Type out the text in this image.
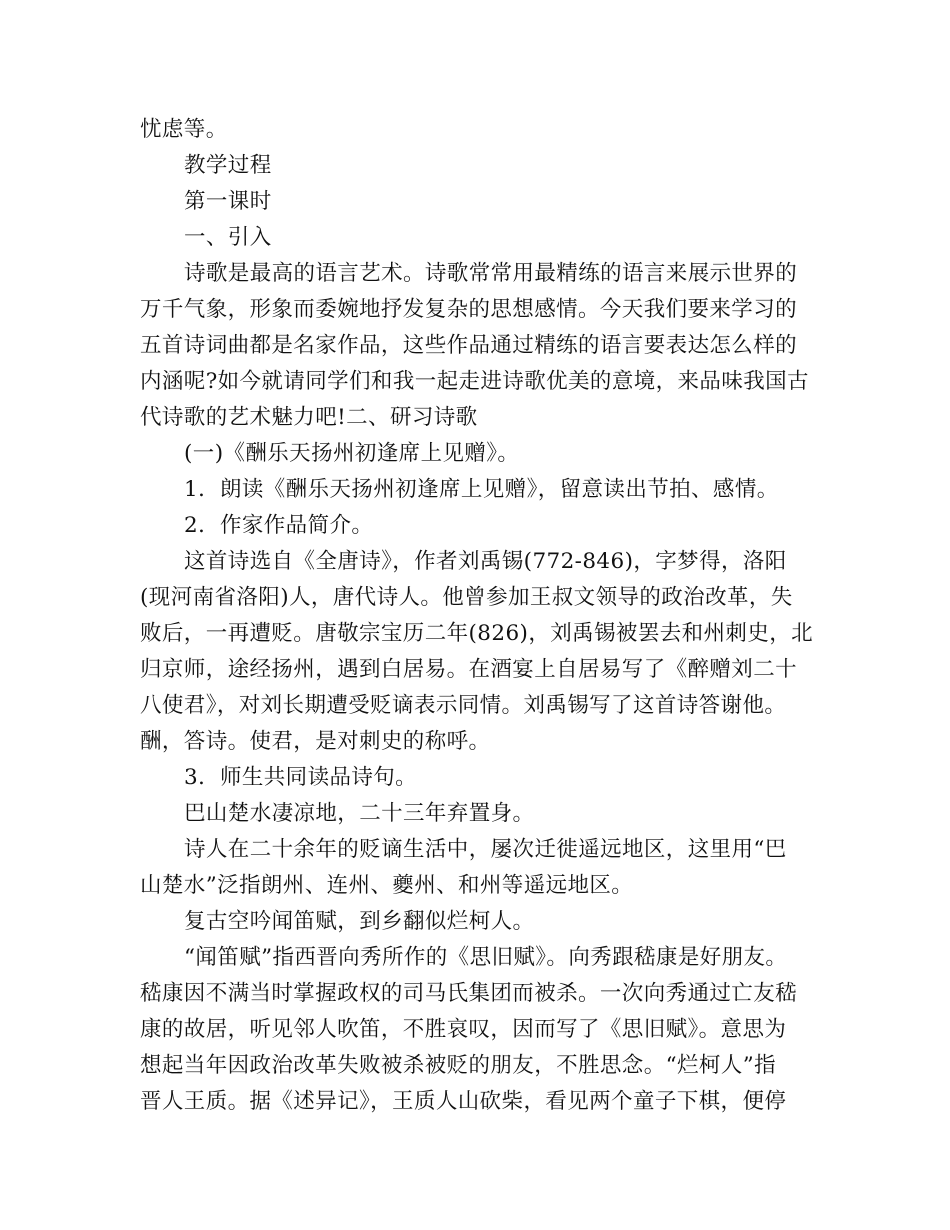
忧虑等。
教学过程
第一课时
一、引入
诗歌是最高的语言艺术。诗歌常常用最精练的语言来展示世界的
万千气象，形象而委婉地抒发复杂的思想感情。今天我们要来学习的
五首诗词曲都是名家作品，这些作品通过精练的语言要表达怎么样的
内涵呢?如今就请同学们和我一起走进诗歌优美的意境，来品味我国古
代诗歌的艺术魅力吧!二、研习诗歌
(一)《酬乐天扬州初逢席上见赠》。
1．朗读《酬乐天扬州初逢席上见赠》，留意读出节拍、感情。
2．作家作品简介。
这首诗选自《全唐诗》，作者刘禹锡(772-846)，字梦得，洛阳
(现河南省洛阳)人，唐代诗人。他曾参加王叔文领导的政治改革，失
败后，一再遭贬。唐敬宗宝历二年(826)，刘禹锡被罢去和州刺史，北
归京师，途经扬州，遇到白居易。在酒宴上自居易写了《醉赠刘二十
八使君》，对刘长期遭受贬谪表示同情。刘禹锡写了这首诗答谢他。
酬，答诗。使君，是对刺史的称呼。
3．师生共同读品诗句。
巴山楚水凄凉地，二十三年弃置身。
诗人在二十余年的贬谪生活中，屡次迁徙遥远地区，这里用“巴
山楚水”泛指朗州、连州、夔州、和州等遥远地区。
复古空吟闻笛赋，到乡翻似烂柯人。
“闻笛赋”指西晋向秀所作的《思旧赋》。向秀跟嵇康是好朋友。
嵇康因不满当时掌握政权的司马氏集团而被杀。一次向秀通过亡友嵇
康的故居，听见邻人吹笛，不胜哀叹，因而写了《思旧赋》。意思为
想起当年因政治改革失败被杀被贬的朋友，不胜思念。“烂柯人”指
晋人王质。据《述异记》，王质人山砍柴，看见两个童子下棋，便停
